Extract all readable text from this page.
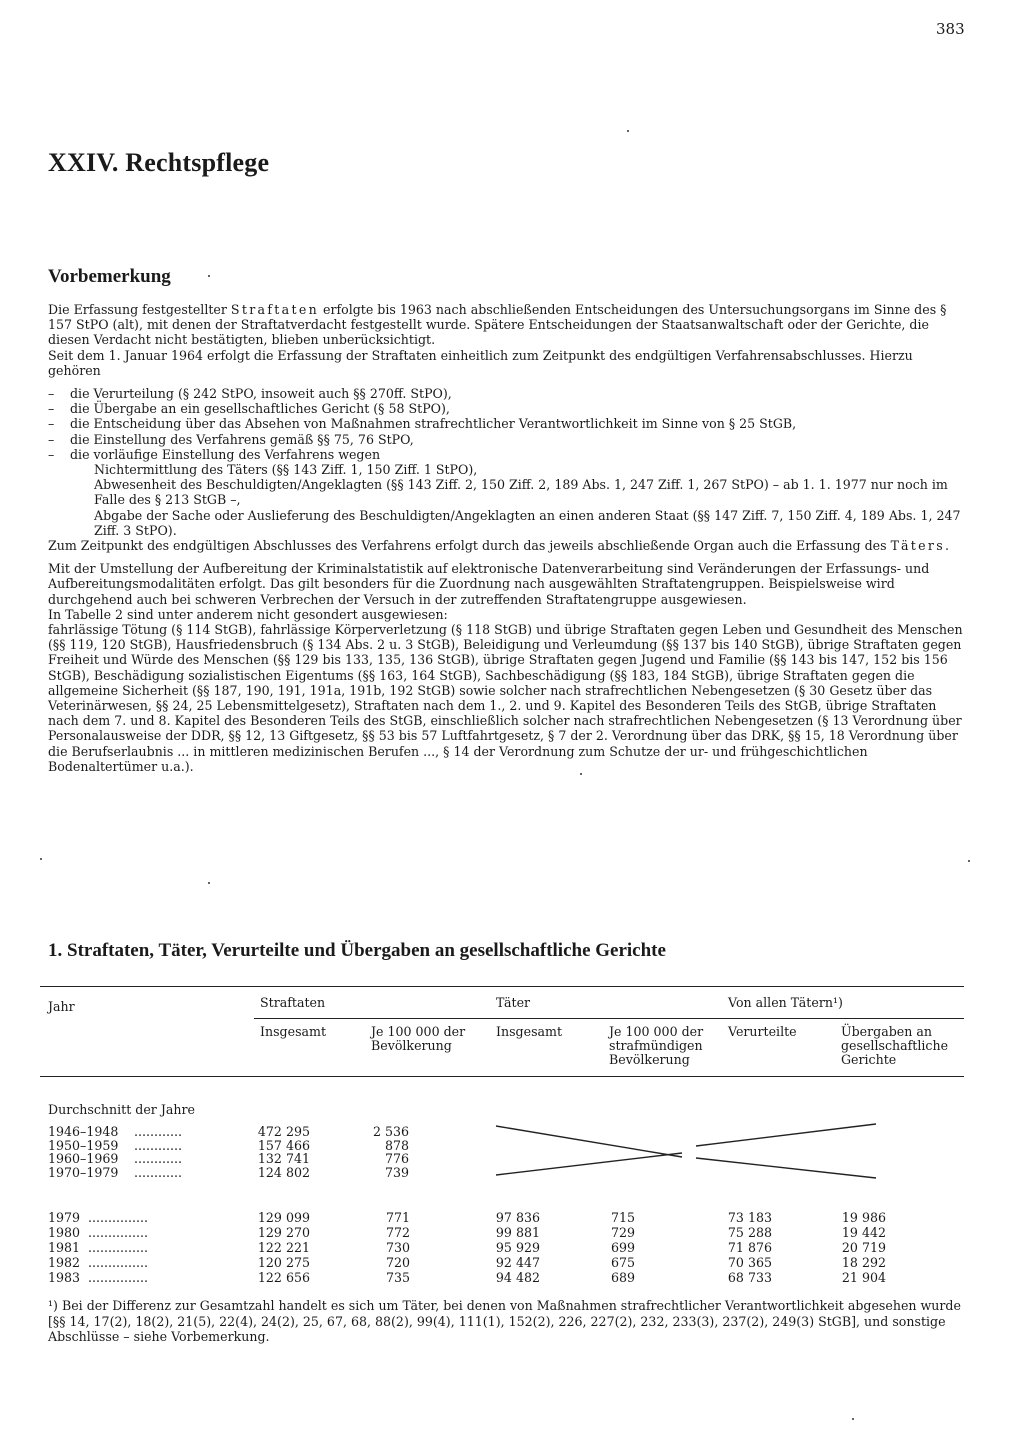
383
XXIV. Rechtspflege
Vorbemerkung

Die Erfassung festgestellter Straftaten erfolgte bis 1963 nach abschließenden Entscheidungen des Untersuchungsorgans im Sinne des § 157 StPO (alt), mit denen der Straftatverdacht festgestellt wurde. Spätere Entscheidungen der Staatsanwaltschaft oder der Gerichte, die diesen Verdacht nicht bestätigten, blieben unberücksichtigt.

Seit dem 1. Januar 1964 erfolgt die Erfassung der Straftaten einheitlich zum Zeitpunkt des endgültigen Verfahrensabschlusses. Hierzu gehören

–	die Verurteilung (§ 242 StPO, insoweit auch §§ 270ff. StPO),
–	die Übergabe an ein gesellschaftliches Gericht (§ 58 StPO),
–	die Entscheidung über das Absehen von Maßnahmen strafrechtlicher Verantwortlichkeit im Sinne von § 25 StGB,
–	die Einstellung des Verfahrens gemäß §§ 75, 76 StPO,
–	die vorläufige Einstellung des Verfahrens wegen

Nichtermittlung des Täters (§§ 143 Ziff. 1, 150 Ziff. 1 StPO),

Abwesenheit des Beschuldigten/Angeklagten (§§ 143 Ziff. 2, 150 Ziff. 2, 189 Abs. 1, 247 Ziff. 1, 267 StPO) – ab 1. 1. 1977 nur noch im Falle des § 213 StGB –,

Abgabe der Sache oder Auslieferung des Beschuldigten/Angeklagten an einen anderen Staat (§§ 147 Ziff. 7, 150 Ziff. 4, 189 Abs. 1, 247 Ziff. 3 StPO).

Zum Zeitpunkt des endgültigen Abschlusses des Verfahrens erfolgt durch das jeweils abschließende Organ auch die Erfassung des Täters.

Mit der Umstellung der Aufbereitung der Kriminalstatistik auf elektronische Datenverarbeitung sind Veränderungen der Erfassungs- und Aufbereitungsmodalitäten erfolgt. Das gilt besonders für die Zuordnung nach ausgewählten Straftatengruppen. Beispielsweise wird durchgehend auch bei schweren Verbrechen der Versuch in der zutreffenden Straftatengruppe ausgewiesen.

In Tabelle 2 sind unter anderem nicht gesondert ausgewiesen:

fahrlässige Tötung (§ 114 StGB), fahrlässige Körperverletzung (§ 118 StGB) und übrige Straftaten gegen Leben und Gesundheit des Menschen (§§ 119, 120 StGB), Hausfriedensbruch (§ 134 Abs. 2 u. 3 StGB), Beleidigung und Verleumdung (§§ 137 bis 140 StGB), übrige Straftaten gegen Freiheit und Würde des Menschen (§§ 129 bis 133, 135, 136 StGB), übrige Straftaten gegen Jugend und Familie (§§ 143 bis 147, 152 bis 156 StGB), Beschädigung sozialistischen Eigentums (§§ 163, 164 StGB), Sachbeschädigung (§§ 183, 184 StGB), übrige Straftaten gegen die allgemeine Sicherheit (§§ 187, 190, 191, 191a, 191b, 192 StGB) sowie solcher nach strafrechtlichen Nebengesetzen (§ 30 Gesetz über das Veterinärwesen, §§ 24, 25 Lebensmittelgesetz), Straftaten nach dem 1., 2. und 9. Kapitel des Besonderen Teils des StGB, übrige Straftaten nach dem 7. und 8. Kapitel des Besonderen Teils des StGB, einschließlich solcher nach strafrechtlichen Nebengesetzen (§ 13 Verordnung über Personalausweise der DDR, §§ 12, 13 Giftgesetz, §§ 53 bis 57 Luftfahrtgesetz, § 7 der 2. Verordnung über das DRK, §§ 15, 18 Verordnung über die Berufserlaubnis ... in mittleren medizinischen Berufen ..., § 14 der Verordnung zum Schutze der ur- und frühgeschichtlichen Bodenaltertümer u.a.).

1. Straftaten, Täter, Verurteilte und Übergaben an gesellschaftliche Gerichte
Jahr	Straftaten	Täter	Von allen Tätern¹)
Insgesamt	Je 100 000 der Bevölkerung
Insgesamt	Je 100 000 der strafmündigen Bevölkerung
Verurteilte	Übergaben an gesellschaftliche Gerichte
Durchschnitt der Jahre
1946–1948 ............	472 295	2 536
1950–1959 ............	157 466	878
1960–1969 ............	132 741	776
1970–1979 ............	124 802	739
1979 ...............	129 099	771	97 836	715	73 183	19 986
1980 ...............	129 270	772	99 881	729	75 288	19 442
1981 ...............	122 221	730	95 929	699	71 876	20 719
1982 ...............	120 275	720	92 447	675	70 365	18 292
1983 ...............	122 656	735	94 482	689	68 733	21 904
¹) Bei der Differenz zur Gesamtzahl handelt es sich um Täter, bei denen von Maßnahmen strafrechtlicher Verantwortlichkeit abgesehen wurde [§§ 14, 17(2), 18(2), 21(5), 22(4), 24(2), 25, 67, 68, 88(2), 99(4), 111(1), 152(2), 226, 227(2), 232, 233(3), 237(2), 249(3) StGB], und sonstige Abschlüsse – siehe Vorbemerkung.
